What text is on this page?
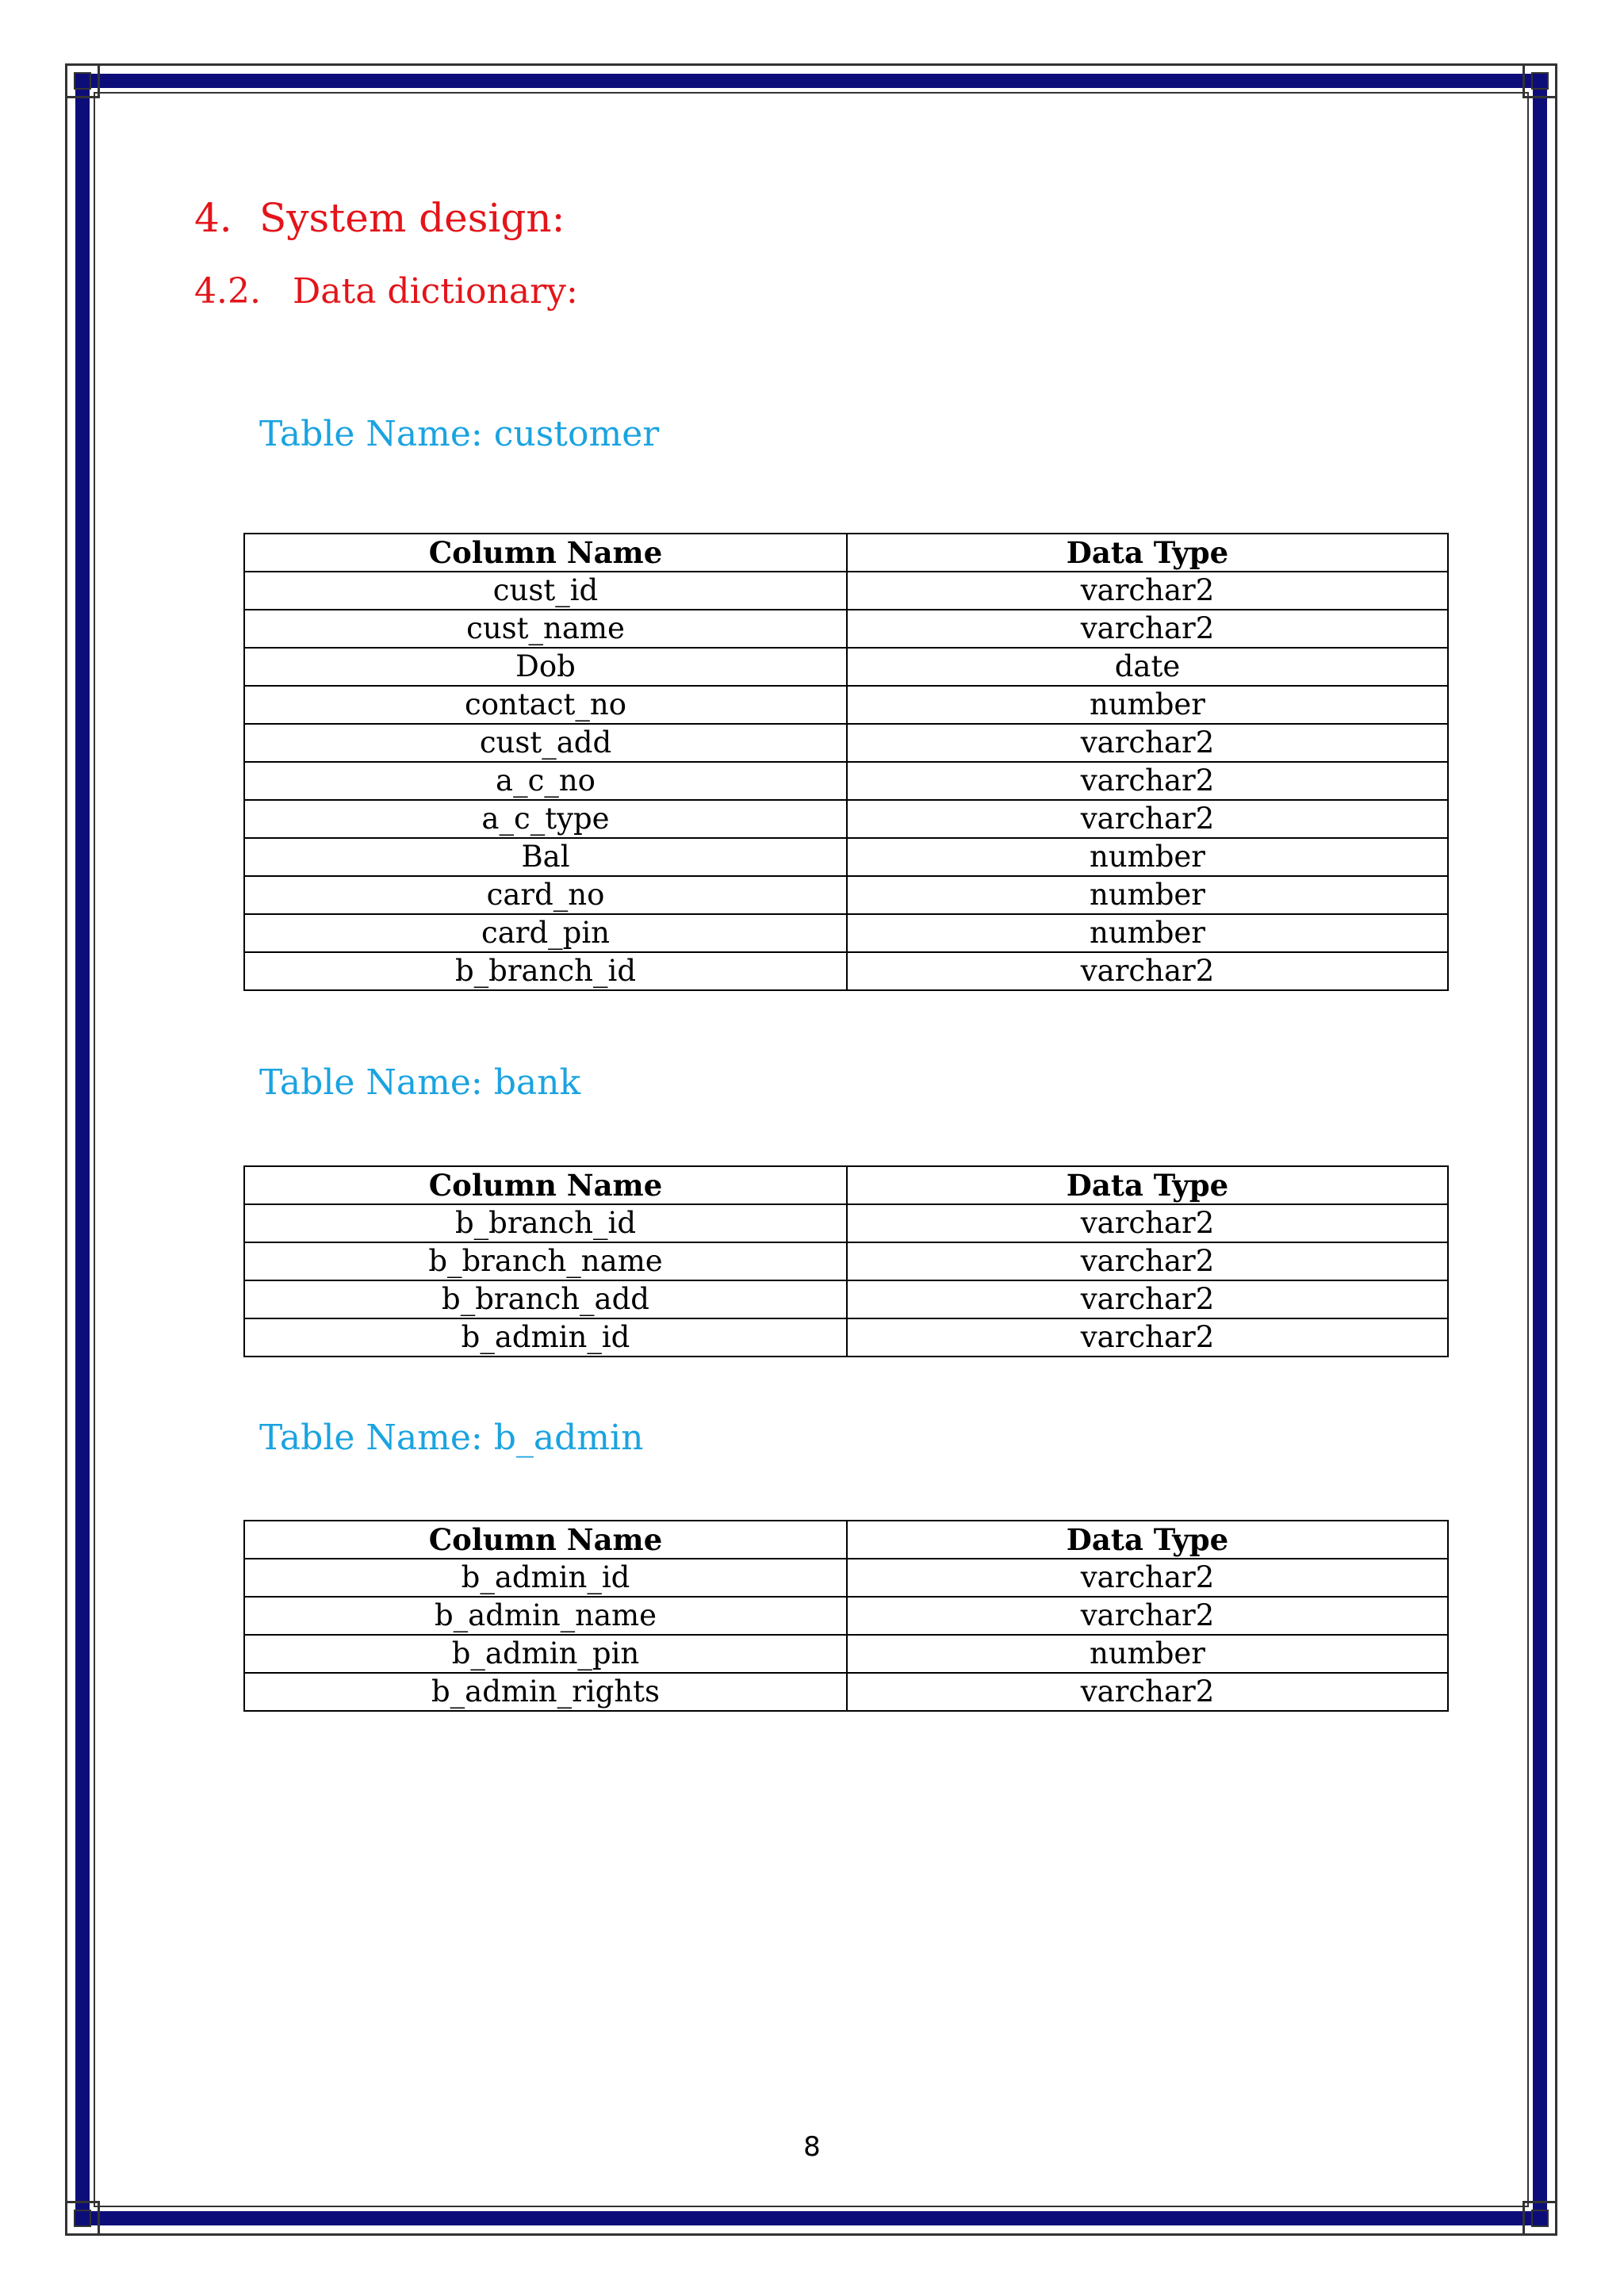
4. System design:
4.2. Data dictionary:
Table Name: customer
Column Name	Data Type
cust_id	varchar2
cust_name	varchar2
Dob	date
contact_no	number
cust_add	varchar2
a_c_no	varchar2
a_c_type	varchar2
Bal	number
card_no	number
card_pin	number
b_branch_id	varchar2
Table Name: bank
Column Name	Data Type
b_branch_id	varchar2
b_branch_name	varchar2
b_branch_add	varchar2
b_admin_id	varchar2
Table Name: b_admin
Column Name	Data Type
b_admin_id	varchar2
b_admin_name	varchar2
b_admin_pin	number
b_admin_rights	varchar2
8
